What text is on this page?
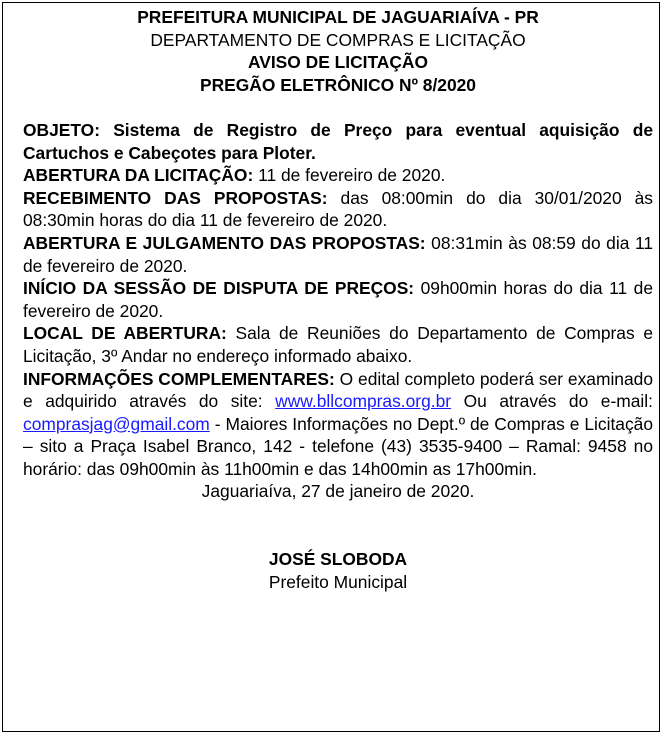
PREFEITURA MUNICIPAL DE JAGUARIAÍVA - PR

DEPARTAMENTO DE COMPRAS E LICITAÇÃO

AVISO DE LICITAÇÃO

PREGÃO ELETRÔNICO Nº 8/2020

OBJETO: Sistema de Registro de Preço para eventual aquisição de Cartuchos e Cabeçotes para Ploter.

ABERTURA DA LICITAÇÃO: 11 de fevereiro de 2020.

RECEBIMENTO DAS PROPOSTAS: das 08:00min do dia 30/01/2020 às 08:30min horas do dia 11 de fevereiro de 2020.

ABERTURA E JULGAMENTO DAS PROPOSTAS: 08:31min às 08:59 do dia 11 de fevereiro de 2020.

INÍCIO DA SESSÃO DE DISPUTA DE PREÇOS: 09h00min horas do dia 11 de fevereiro de 2020.

LOCAL DE ABERTURA: Sala de Reuniões do Departamento de Compras e Licitação, 3º Andar no endereço informado abaixo.

INFORMAÇÕES COMPLEMENTARES: O edital completo poderá ser examinado e adquirido através do site: www.bllcompras.org.br Ou através do e-mail: comprasjag@gmail.com - Maiores Informações no Dept.º de Compras e Licitação – sito a Praça Isabel Branco, 142 - telefone (43) 3535-9400 – Ramal: 9458 no horário: das 09h00min às 11h00min e das 14h00min as 17h00min.

Jaguariaíva, 27 de janeiro de 2020.

JOSÉ SLOBODA

Prefeito Municipal
